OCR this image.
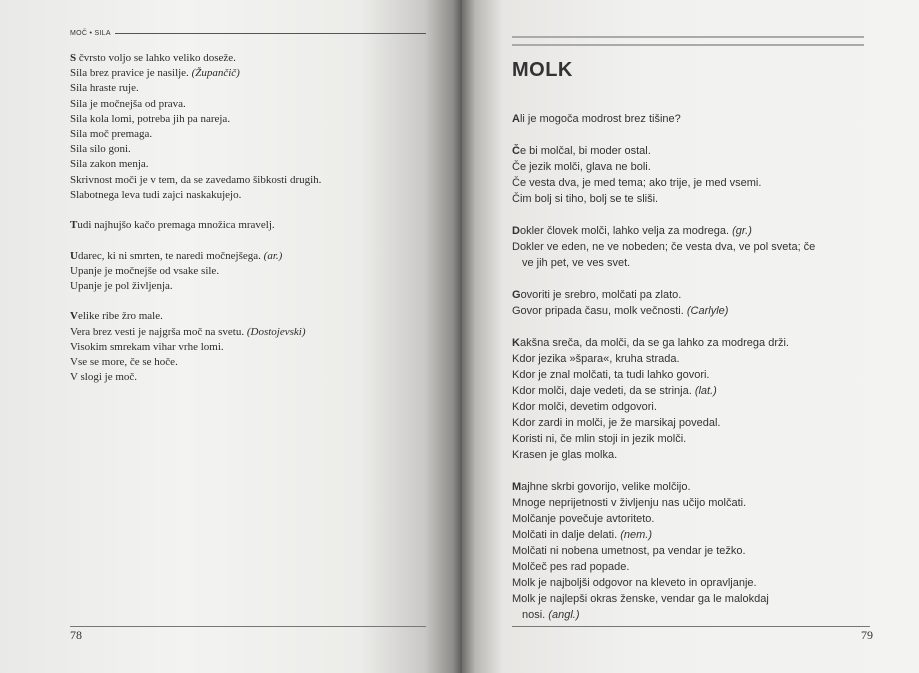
MOČ • SILA
S čvrsto voljo se lahko veliko doseže.
Sila brez pravice je nasilje. (Župančič)
Sila hraste ruje.
Sila je močnejša od prava.
Sila kola lomi, potreba jih pa nareja.
Sila moč premaga.
Sila silo goni.
Sila zakon menja.
Skrivnost moči je v tem, da se zavedamo šibkosti drugih.
Slabotnega leva tudi zajci naskakujejo.
Tudi najhujšo kačo premaga množica mravelj.
Udarec, ki ni smrten, te naredi močnejšega. (ar.)
Upanje je močnejše od vsake sile.
Upanje je pol življenja.
Velike ribe žro male.
Vera brez vesti je najgrša moč na svetu. (Dostojevski)
Visokim smrekam vihar vrhe lomi.
Vse se more, če se hoče.
V slogi je moč.
78
MOLK
Ali je mogoča modrost brez tišine?
Če bi molčal, bi moder ostal.
Če jezik molči, glava ne boli.
Če vesta dva, je med tema; ako trije, je med vsemi.
Čim bolj si tiho, bolj se te sliši.
Dokler človek molči, lahko velja za modrega. (gr.)
Dokler ve eden, ne ve nobeden; če vesta dva, ve pol sveta; če
ve jih pet, ve ves svet.
Govoriti je srebro, molčati pa zlato.
Govor pripada času, molk večnosti. (Carlyle)
Kakšna sreča, da molči, da se ga lahko za modrega drži.
Kdor jezika »špara«, kruha strada.
Kdor je znal molčati, ta tudi lahko govori.
Kdor molči, daje vedeti, da se strinja. (lat.)
Kdor molči, devetim odgovori.
Kdor zardi in molči, je že marsikaj povedal.
Koristi ni, če mlin stoji in jezik molči.
Krasen je glas molka.
Majhne skrbi govorijo, velike molčijo.
Mnoge neprijetnosti v življenju nas učijo molčati.
Molčanje povečuje avtoriteto.
Molčati in dalje delati. (nem.)
Molčati ni nobena umetnost, pa vendar je težko.
Molčeč pes rad popade.
Molk je najboljši odgovor na kleveto in opravljanje.
Molk je najlepši okras ženske, vendar ga le malokdaj
nosi. (angl.)
79
